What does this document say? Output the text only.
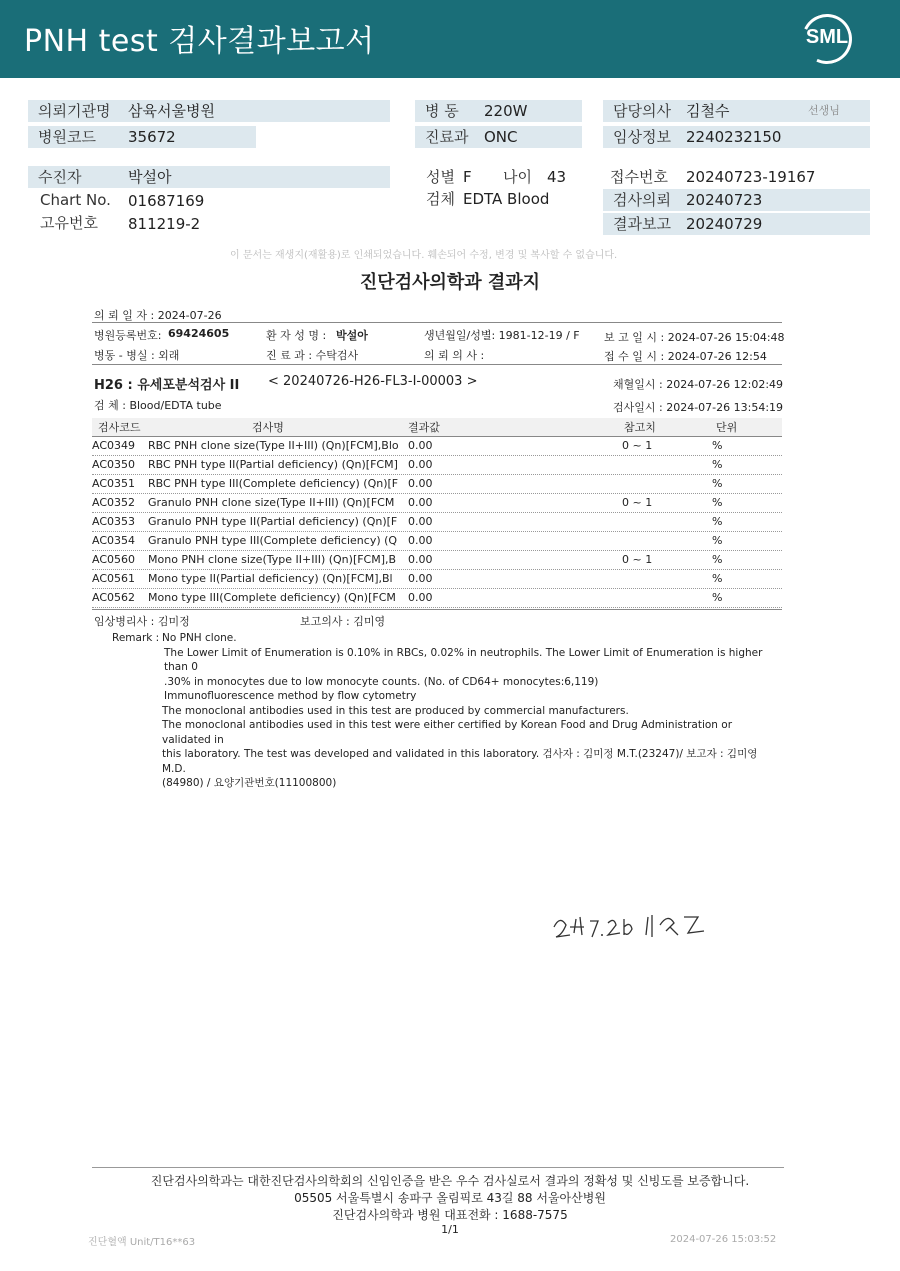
PNH test 검사결과보고서	SML
의뢰기관명	삼육서울병원	병 동	220W	담당의사	김철수	선생님
병원코드	35672	진료과	ONC	임상정보	2240232150
수진자	박설아	성별 F 나이 43	접수번호 20240723-19167
Chart No. 01687169	검체 EDTA Blood	검사의뢰	20240723
고유번호 811219-2	결과보고	20240729
이 문서는 재생지(재활용)로 인쇄되었습니다. 훼손되어 수정, 변경 및 복사할 수 없습니다.
진단검사의학과 결과지
의 뢰 일 자 : 2024-07-26
병원등록번호: 69424605	환 자 성 명 : 박설아	생년월일/성별: 1981-12-19 / F 보 고 일 시 : 2024-07-26 15:04:48
병동 - 병실 : 외래	진 료 과 : 수탁검사	의 뢰 의 사 :	접 수 일 시 : 2024-07-26 12:54
H26 : 유세포분석검사 II < 20240726-H26-FL3-I-00003 >	채혈일시 : 2024-07-26 12:02:49
검 체 : Blood/EDTA tube	검사일시 : 2024-07-26 13:54:19
검사코드	검사명	결과값	참고치	단위
AC0349 RBC PNH clone size(Type II+III) (Qn)[FCM],Blo 0.00	0 ~ 1	%
AC0350 RBC PNH type II(Partial deficiency) (Qn)[FCM] 0.00	%
AC0351 RBC PNH type III(Complete deficiency) (Qn)[F 0.00	%
AC0352 Granulo PNH clone size(Type II+III) (Qn)[FCM 0.00	0 ~ 1	%
AC0353 Granulo PNH type II(Partial deficiency) (Qn)[F 0.00	%
AC0354 Granulo PNH type III(Complete deficiency) (Q 0.00	%
AC0560 Mono PNH clone size(Type II+III) (Qn)[FCM],B 0.00	0 ~ 1	%
AC0561 Mono type II(Partial deficiency) (Qn)[FCM],Bl 0.00	%
AC0562 Mono type III(Complete deficiency) (Qn)[FCM 0.00	%
임상병리사 : 김미정	보고의사 : 김미영
Remark : No PNH clone.
The Lower Limit of Enumeration is 0.10% in RBCs, 0.02% in neutrophils. The Lower Limit of Enumeration is higher than 0
.30% in monocytes due to low monocyte counts. (No. of CD64+ monocytes:6,119)
Immunofluorescence method by flow cytometry
The monoclonal antibodies used in this test are produced by commercial manufacturers.
The monoclonal antibodies used in this test were either certified by Korean Food and Drug Administration or validated in
this laboratory. The test was developed and validated in this laboratory. 검사자 : 김미정 M.T.(23247)/ 보고자 : 김미영 M.D.
(84980) / 요양기관번호(11100800)
진단검사의학과는 대한진단검사의학회의 신임인증을 받은 우수 검사실로서 결과의 정확성 및 신빙도를 보증합니다.
05505 서울특별시 송파구 올림픽로 43길 88 서울아산병원
진단검사의학과 병원 대표전화 : 1688-7575
1/1
진단혈액 Unit/T16**63	2024-07-26 15:03:52
